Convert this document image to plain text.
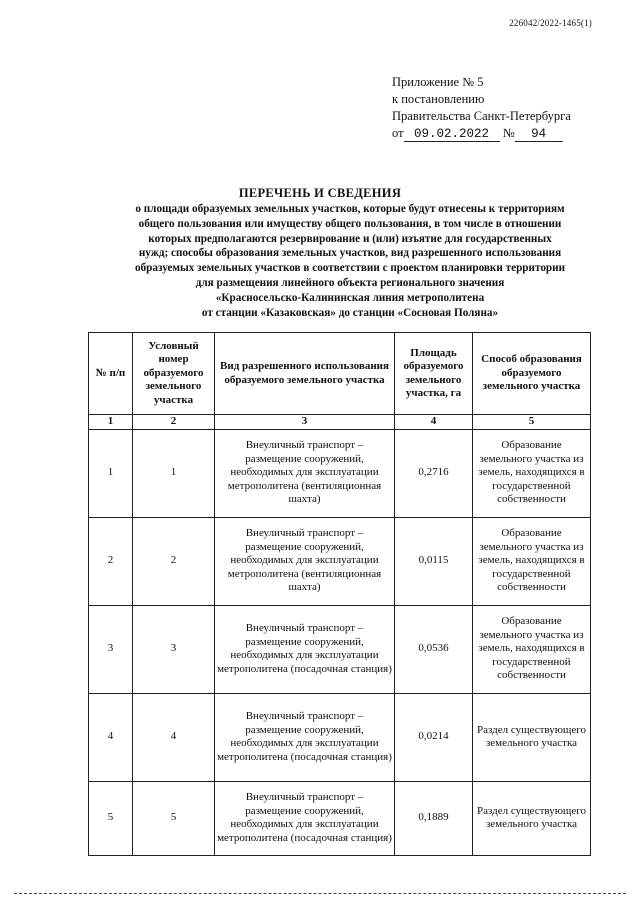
226042/2022-1465(1)
Приложение № 5
к постановлению
Правительства Санкт-Петербурга
от 09.02.2022 № 94
ПЕРЕЧЕНЬ И СВЕДЕНИЯ
о площади образуемых земельных участков, которые будут отнесены к территориям
общего пользования или имуществу общего пользования, в том числе в отношении
которых предполагаются резервирование и (или) изъятие для государственных
нужд; способы образования земельных участков, вид разрешенного использования
образуемых земельных участков в соответствии с проектом планировки территории
для размещения линейного объекта регионального значения
«Красносельско-Калининская линия метрополитена
от станции «Казаковская» до станции «Сосновая Поляна»
№ п/п	Условный номер образуемого земельного участка	Вид разрешенного использования образуемого земельного участка	Площадь образуемого земельного участка, га	Способ образования образуемого земельного участка
1	2	3	4	5
1	1	Внеуличный транспорт – размещение сооружений, необходимых для эксплуатации метрополитена (вентиляционная шахта)	0,2716	Образование земельного участка из земель, находящихся в государственной собственности
2	2	Внеуличный транспорт – размещение сооружений, необходимых для эксплуатации метрополитена (вентиляционная шахта)	0,0115	Образование земельного участка из земель, находящихся в государственной собственности
3	3	Внеуличный транспорт – размещение сооружений, необходимых для эксплуатации метрополитена (посадочная станция)	0,0536	Образование земельного участка из земель, находящихся в государственной собственности
4	4	Внеуличный транспорт – размещение сооружений, необходимых для эксплуатации метрополитена (посадочная станция)	0,0214	Раздел существующего земельного участка
5	5	Внеуличный транспорт – размещение сооружений, необходимых для эксплуатации метрополитена (посадочная станция)	0,1889	Раздел существующего земельного участка
